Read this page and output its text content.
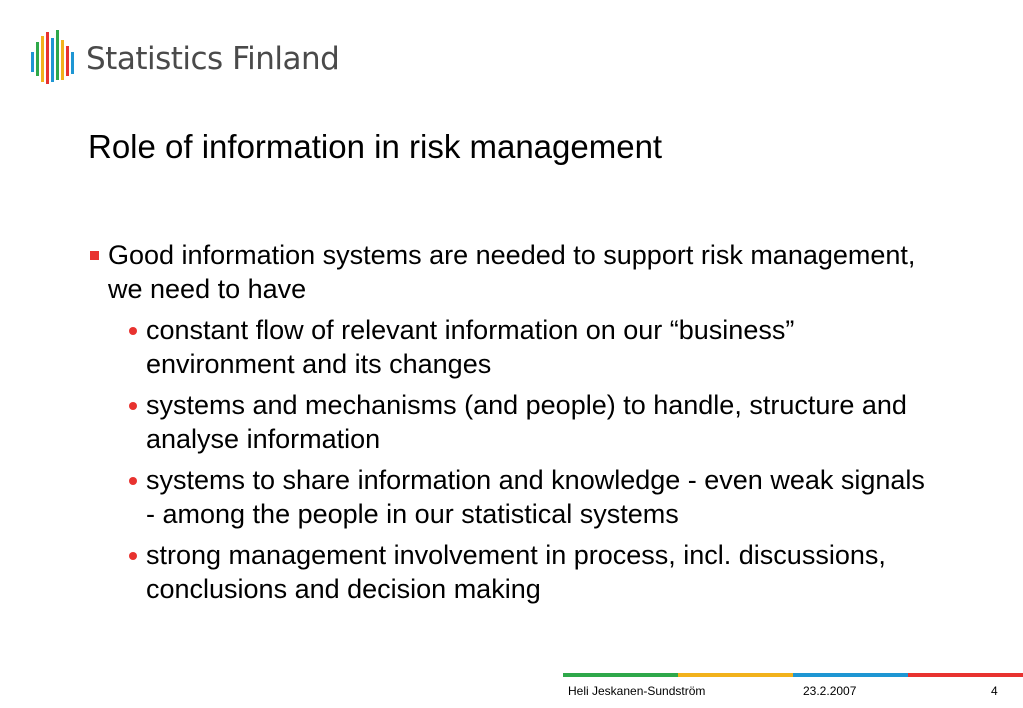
Statistics Finland
Role of information in risk management
Good information systems are needed to support risk management, we need to have
constant flow of relevant information on our “business” environment and its changes
systems and mechanisms (and people) to handle, structure and analyse information
systems to share information and knowledge - even weak signals - among the people in our statistical systems
strong management involvement in process, incl. discussions, conclusions and decision making
Heli Jeskanen-Sundström	23.2.2007	4
